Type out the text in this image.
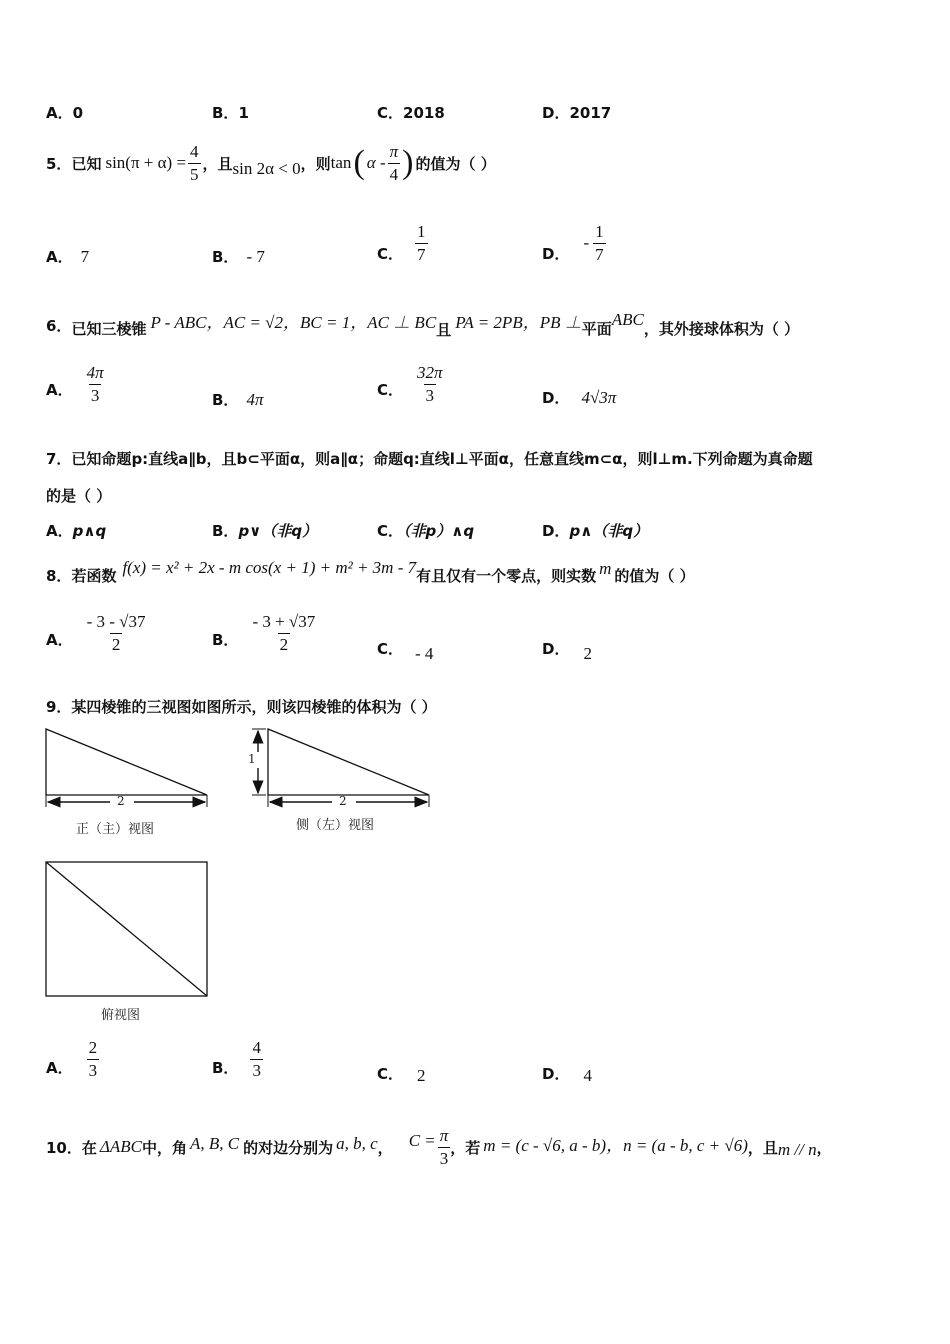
A．0	B．1	C．2018	D．2017
5． 已知 $\sin(\pi + \alpha) = \frac{4}{5}$ ，且 sin 2α < 0 ，则 tan ( α - $\frac{\pi}{4}$ ) 的值为（ ）
A． 7	B． - 7	C． $\frac{1}{7}$	D．
- $\frac{1}{7}$
6． 已知三棱锥 P - ABC，AC = √2，BC = 1，AC ⊥ BC 且 PA = 2PB，PB ⊥ 平面 ABC ，其外接球体积为（ ）
A． $\frac{4\pi}{3}$	B． 4π
C． $\frac{32\pi}{3}$	D． 4√3π
7．已知命题p:直线a∥b，且b⊂平面α，则a∥α；命题q:直线l⊥平面α，任意直线m⊂α，则l⊥m.下列命题为真命题
的是（ ）
A．p∧q	B．p∨（非q）	C．（非p）∧q	D．p∧（非q）
8． 若函数 f(x) = x² + 2x - m cos(x + 1) + m² + 3m - 7 有且仅有一个零点，则实数 m 的值为（ ）
A． $\frac{- 3 - √37}{2}$	B． $\frac{- 3 + √37}{2}$	C． - 4	D． 2
9．某四棱锥的三视图如图所示，则该四棱锥的体积为（ ）
2
正（主）视图
1
2
侧（左）视图
俯视图
A． $\frac{2}{3}$	B． $\frac{4}{3}$	C． 2	D． 4
10． 在 ΔABC 中，角 A, B, C 的对边分别为 a, b, c ， $C = \frac{\pi}{3}$ ，若 m = (c - √6, a - b)，n = (a - b, c + √6) ，且 m // n ，
